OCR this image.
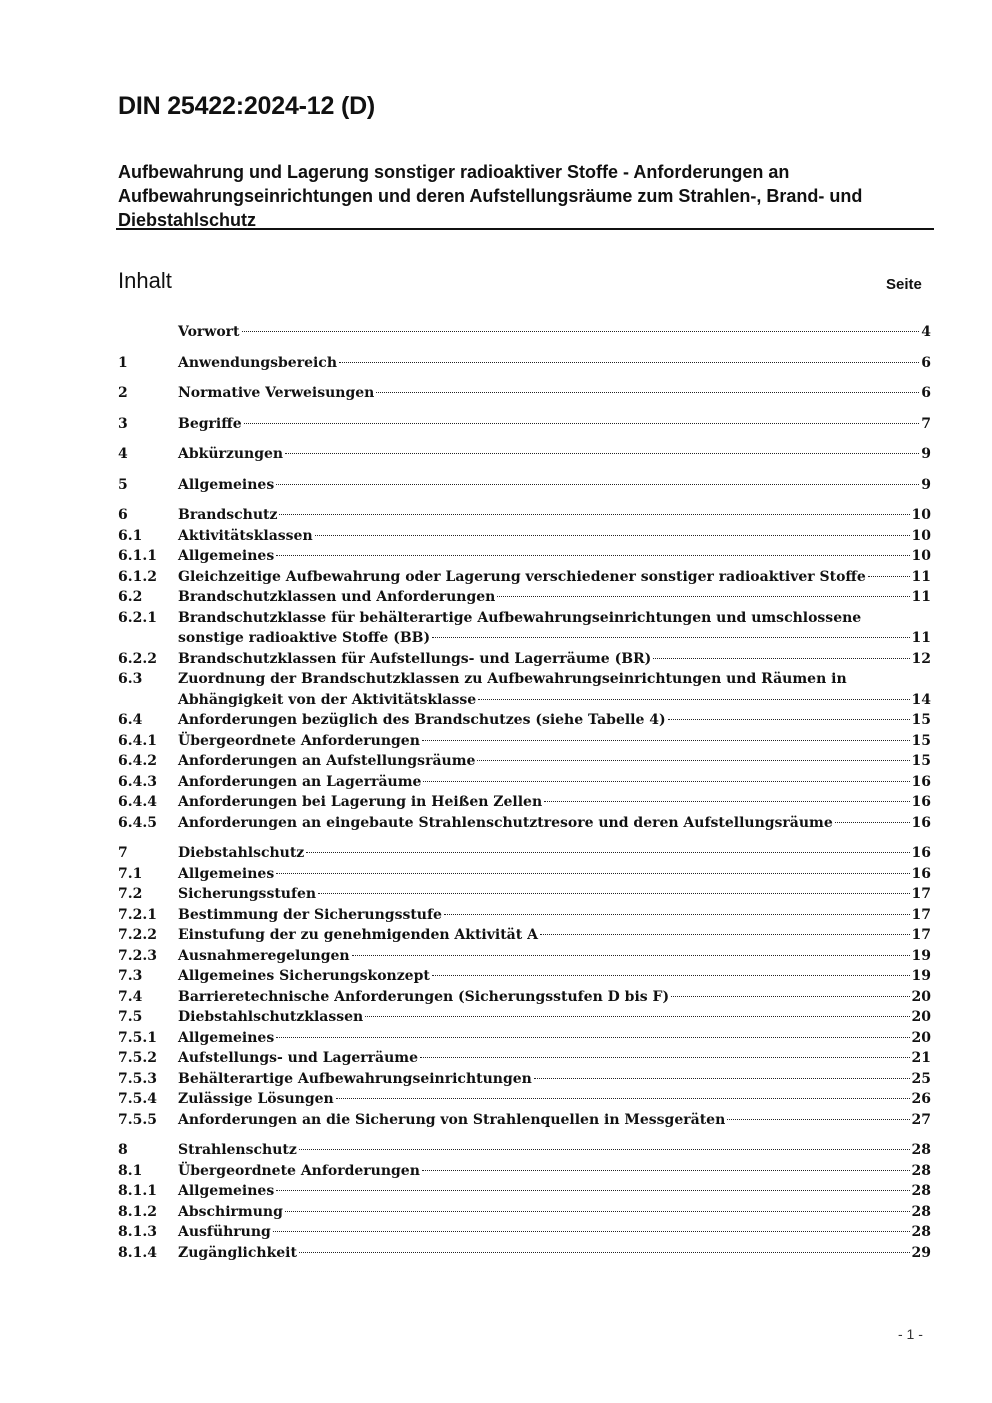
DIN 25422:2024-12 (D)
Aufbewahrung und Lagerung sonstiger radioaktiver Stoffe - Anforderungen an Aufbewahrungseinrichtungen und deren Aufstellungsräume zum Strahlen-, Brand- und Diebstahlschutz
Inhalt	Seite
Vorwort	4
1	Anwendungsbereich	6
2	Normative Verweisungen	6
3	Begriffe	7
4	Abkürzungen	9
5	Allgemeines	9
6	Brandschutz	10
6.1	Aktivitätsklassen	10
6.1.1	Allgemeines	10
6.1.2	Gleichzeitige Aufbewahrung oder Lagerung verschiedener sonstiger radioaktiver Stoffe	11
6.2	Brandschutzklassen und Anforderungen	11
6.2.1	Brandschutzklasse für behälterartige Aufbewahrungseinrichtungen und umschlossene
sonstige radioaktive Stoffe (BB)	11
6.2.2	Brandschutzklassen für Aufstellungs- und Lagerräume (BR)	12
6.3	Zuordnung der Brandschutzklassen zu Aufbewahrungseinrichtungen und Räumen in
Abhängigkeit von der Aktivitätsklasse	14
6.4	Anforderungen bezüglich des Brandschutzes (siehe Tabelle 4)	15
6.4.1	Übergeordnete Anforderungen	15
6.4.2	Anforderungen an Aufstellungsräume	15
6.4.3	Anforderungen an Lagerräume	16
6.4.4	Anforderungen bei Lagerung in Heißen Zellen	16
6.4.5	Anforderungen an eingebaute Strahlenschutztresore und deren Aufstellungsräume	16
7	Diebstahlschutz	16
7.1	Allgemeines	16
7.2	Sicherungsstufen	17
7.2.1	Bestimmung der Sicherungsstufe	17
7.2.2	Einstufung der zu genehmigenden Aktivität A	17
7.2.3	Ausnahmeregelungen	19
7.3	Allgemeines Sicherungskonzept	19
7.4	Barrieretechnische Anforderungen (Sicherungsstufen D bis F)	20
7.5	Diebstahlschutzklassen	20
7.5.1	Allgemeines	20
7.5.2	Aufstellungs- und Lagerräume	21
7.5.3	Behälterartige Aufbewahrungseinrichtungen	25
7.5.4	Zulässige Lösungen	26
7.5.5	Anforderungen an die Sicherung von Strahlenquellen in Messgeräten	27
8	Strahlenschutz	28
8.1	Übergeordnete Anforderungen	28
8.1.1	Allgemeines	28
8.1.2	Abschirmung	28
8.1.3	Ausführung	28
8.1.4	Zugänglichkeit	29
- 1 -
